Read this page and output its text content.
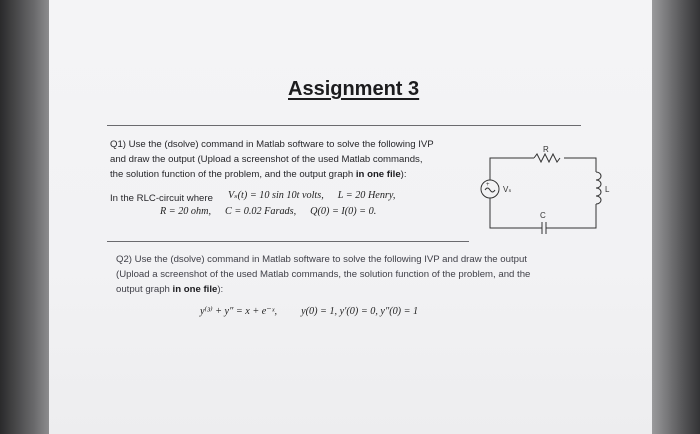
Assignment 3
Q1) Use the (dsolve) command in Matlab software to solve the following IVP
and draw the output (Upload a screenshot of the used Matlab commands,
the solution function of the problem, and the output graph in one file):
In the RLC-circuit where Vₛ(t) = 10 sin 10t volts, L = 20 Henry,
R = 20 ohm, C = 0.02 Farads, Q(0) = I(0) = 0.
+
R
L
C
Vₛ
Q2) Use the (dsolve) command in Matlab software to solve the following IVP and draw the output
(Upload a screenshot of the used Matlab commands, the solution function of the problem, and the
output graph in one file):
y⁽³⁾ + y″ = x + e⁻ˣ, y(0) = 1, y′(0) = 0, y″(0) = 1
